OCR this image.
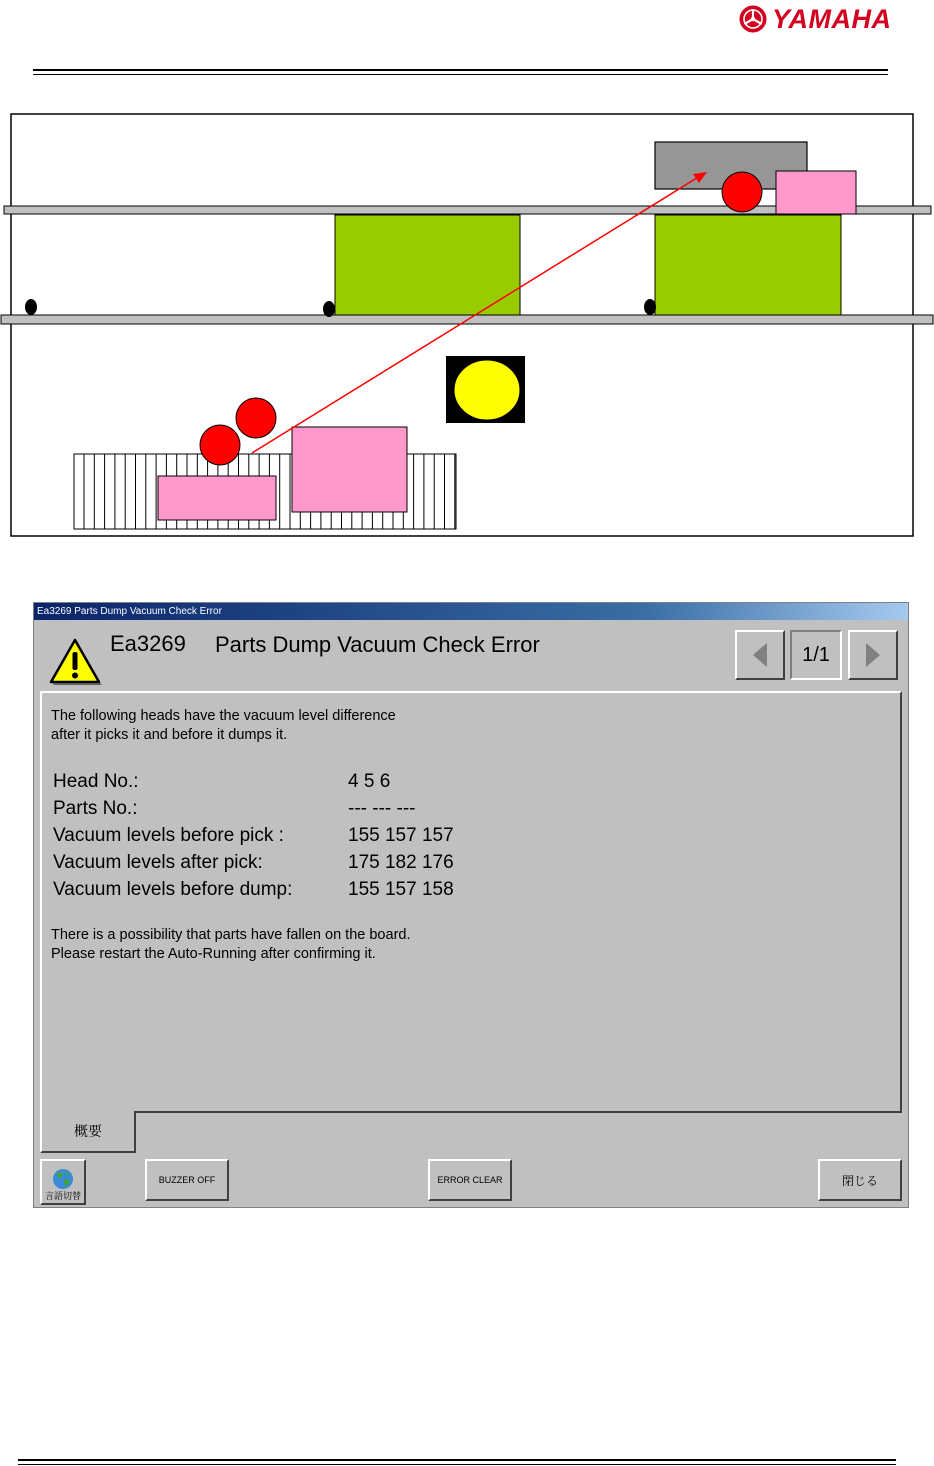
YAMAHA
Ea3269 Parts Dump Vacuum Check Error
Ea3269 Parts Dump Vacuum Check Error	1/1
The following heads have the vacuum level difference
after it picks it and before it dumps it.
Head No.:	4 5 6
Parts No.:	--- --- ---
Vacuum levels before pick :	155 157 157
Vacuum levels after pick:	175 182 176
Vacuum levels before dump:	155 157 158
There is a possibility that parts have fallen on the board.
Please restart the Auto-Running after confirming it.
概要
言語切替
BUZZER OFF	ERROR CLEAR	閉じる
